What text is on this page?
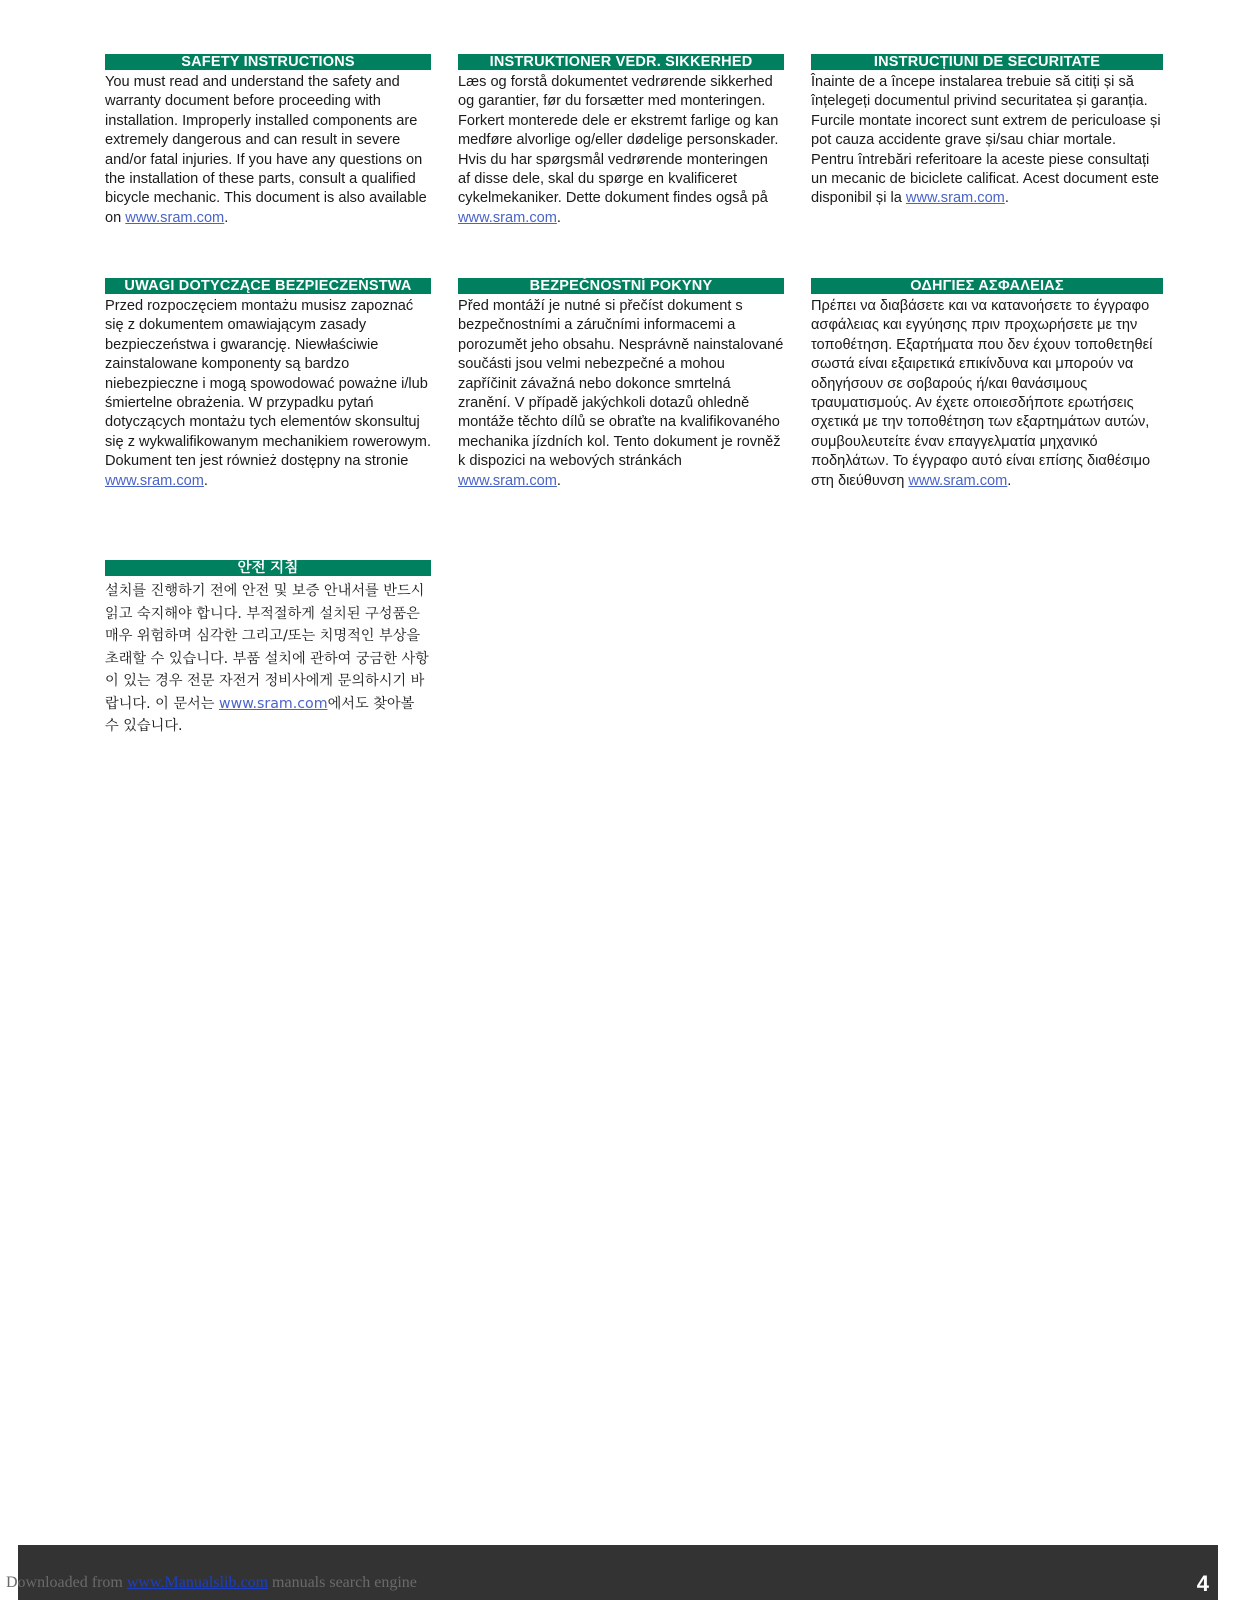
SAFETY INSTRUCTIONS

You must read and understand the safety and warranty document before proceeding with installation. Improperly installed components are extremely dangerous and can result in severe and/or fatal injuries. If you have any questions on the installation of these parts, consult a qualified bicycle mechanic. This document is also available on www.sram.com.

INSTRUKTIONER VEDR. SIKKERHED

Læs og forstå dokumentet vedrørende sikkerhed og garantier, før du forsætter med monteringen. Forkert monterede dele er ekstremt farlige og kan medføre alvorlige og/eller dødelige personskader. Hvis du har spørgsmål vedrørende monteringen af disse dele, skal du spørge en kvalificeret cykelmekaniker. Dette dokument findes også på www.sram.com.

INSTRUCȚIUNI DE SECURITATE

Înainte de a începe instalarea trebuie să citiți și să înțelegeți documentul privind securitatea și garanția. Furcile montate incorect sunt extrem de periculoase și pot cauza accidente grave și/sau chiar mortale. Pentru întrebări referitoare la aceste piese consultați un mecanic de biciclete calificat. Acest document este disponibil și la www.sram.com.

UWAGI DOTYCZĄCE BEZPIECZEŃSTWA

Przed rozpoczęciem montażu musisz zapoznać się z dokumentem omawiającym zasady bezpieczeństwa i gwarancję. Niewłaściwie zainstalowane komponenty są bardzo niebezpieczne i mogą spowodować poważne i/lub śmiertelne obrażenia. W przypadku pytań dotyczących montażu tych elementów skonsultuj się z wykwalifikowanym mechanikiem rowerowym. Dokument ten jest również dostępny na stronie www.sram.com.

BEZPEČNOSTNÍ POKYNY

Před montáží je nutné si přečíst dokument s bezpečnostními a záručními informacemi a porozumět jeho obsahu. Nesprávně nainstalované součásti jsou velmi nebezpečné a mohou zapříčinit závažná nebo dokonce smrtelná zranění. V případě jakýchkoli dotazů ohledně montáže těchto dílů se obraťte na kvalifikovaného mechanika jízdních kol. Tento dokument je rovněž k dispozici na webových stránkách www.sram.com.

ΟΔΗΓΙΕΣ ΑΣΦΑΛΕΙΑΣ

Πρέπει να διαβάσετε και να κατανοήσετε το έγγραφο ασφάλειας και εγγύησης πριν προχωρήσετε με την τοποθέτηση. Εξαρτήματα που δεν έχουν τοποθετηθεί σωστά είναι εξαιρετικά επικίνδυνα και μπορούν να οδηγήσουν σε σοβαρούς ή/και θανάσιμους τραυματισμούς. Αν έχετε οποιεσδήποτε ερωτήσεις σχετικά με την τοποθέτηση των εξαρτημάτων αυτών, συμβουλευτείτε έναν επαγγελματία μηχανικό ποδηλάτων. Το έγγραφο αυτό είναι επίσης διαθέσιμο στη διεύθυνση www.sram.com.

안전 지침

설치를 진행하기 전에 안전 및 보증 안내서를 반드시 읽고 숙지해야 합니다. 부적절하게 설치된 구성품은 매우 위험하며 심각한 그리고/또는 치명적인 부상을 초래할 수 있습니다. 부품 설치에 관하여 궁금한 사항이 있는 경우 전문 자전거 정비사에게 문의하시기 바랍니다. 이 문서는 www.sram.com에서도 찾아볼 수 있습니다.

4
Downloaded from www.Manualslib.com manuals search engine
